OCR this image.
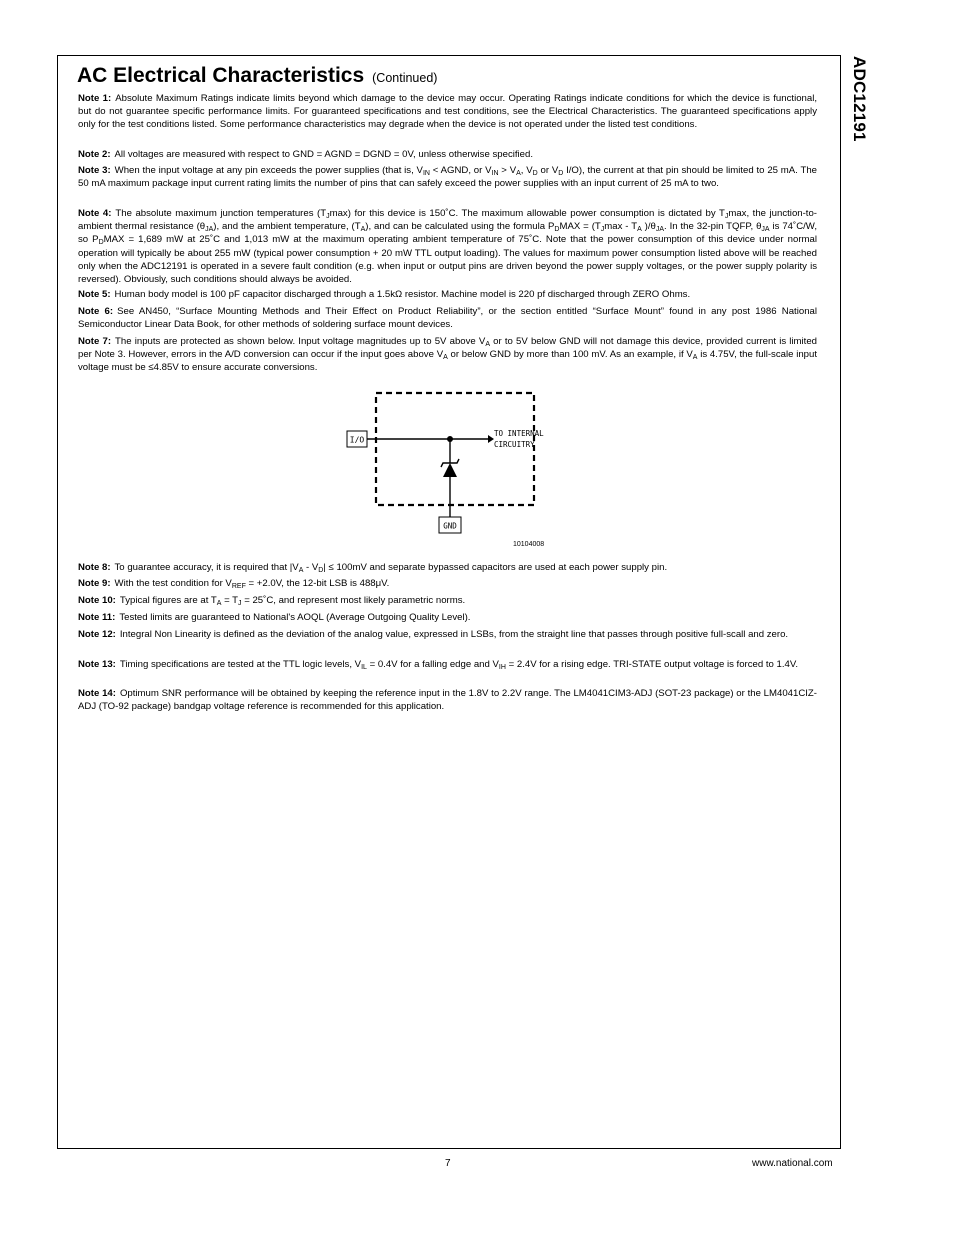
ADC12191
AC Electrical Characteristics (Continued)
Note 1: Absolute Maximum Ratings indicate limits beyond which damage to the device may occur. Operating Ratings indicate conditions for which the device is functional, but do not guarantee specific performance limits. For guaranteed specifications and test conditions, see the Electrical Characteristics. The guaranteed specifications apply only for the test conditions listed. Some performance characteristics may degrade when the device is not operated under the listed test conditions.
Note 2: All voltages are measured with respect to GND = AGND = DGND = 0V, unless otherwise specified.
Note 3: When the input voltage at any pin exceeds the power supplies (that is, $V_{IN}$ < AGND, or $V_{IN} > V_A$, $V_D$ or $V_D$ I/O), the current at that pin should be limited to 25 mA. The 50 mA maximum package input current rating limits the number of pins that can safely exceed the power supplies with an input current of 25 mA to two.
Note 4: The absolute maximum junction temperatures $(T_J\max)$ for this device is 150˚C. The maximum allowable power consumption is dictated by $T_J\max$, the junction-to-ambient thermal resistance $(\theta_{JA})$, and the ambient temperature, $(T_A)$, and can be calculated using the formula $P_DMAX = (T_J\max - T_A$ )$/\theta_{JA}$. In the 32-pin TQFP, $\theta_{JA}$ is 74˚C/W, so $P_DMAX = 1,689$ mW at 25˚C and 1,013 mW at the maximum operating ambient temperature of 75˚C. Note that the power consumption of this device under normal operation will typically be about 255 mW (typical power consumption + 20 mW TTL output loading). The values for maximum power consumption listed above will be reached only when the ADC12191 is operated in a severe fault condition (e.g. when input or output pins are driven beyond the power supply voltages, or the power supply polarity is reversed). Obviously, such conditions should always be avoided.
Note 5: Human body model is 100 pF capacitor discharged through a 1.5kΩ resistor. Machine model is 220 pf discharged through ZERO Ohms.
Note 6: See AN450, “Surface Mounting Methods and Their Effect on Product Reliability”, or the section entitled “Surface Mount” found in any post 1986 National Semiconductor Linear Data Book, for other methods of soldering surface mount devices.
Note 7: The inputs are protected as shown below. Input voltage magnitudes up to 5V above $V_A$ or to 5V below GND will not damage this device, provided current is limited per Note 3. However, errors in the A/D conversion can occur if the input goes above $V_A$ or below GND by more than 100 mV. As an example, if $V_A$ is 4.75V, the full-scale input voltage must be ≤4.85V to ensure accurate conversions.
I/O
TO INTERNAL
CIRCUITRY
GND
10104008
Note 8: To guarantee accuracy, it is required that $|V_A - V_D| \le 100mV$ and separate bypassed capacitors are used at each power supply pin.
Note 9: With the test condition for $V_{REF} = +2.0V$, the 12-bit LSB is 488μV.
Note 10: Typical figures are at $T_A = T_J$ = 25˚C, and represent most likely parametric norms.
Note 11: Tested limits are guaranteed to National's AOQL (Average Outgoing Quality Level).
Note 12: Integral Non Linearity is defined as the deviation of the analog value, expressed in LSBs, from the straight line that passes through positive full-scall and zero.
Note 13: Timing specifications are tested at the TTL logic levels, $V_{IL} = 0.4V$ for a falling edge and $V_{IH} = 2.4V$ for a rising edge. TRI-STATE output voltage is forced to 1.4V.
Note 14: Optimum SNR performance will be obtained by keeping the reference input in the 1.8V to 2.2V range. The LM4041CIM3-ADJ (SOT-23 package) or the LM4041CIZ-ADJ (TO-92 package) bandgap voltage reference is recommended for this application.
7	www.national.com
